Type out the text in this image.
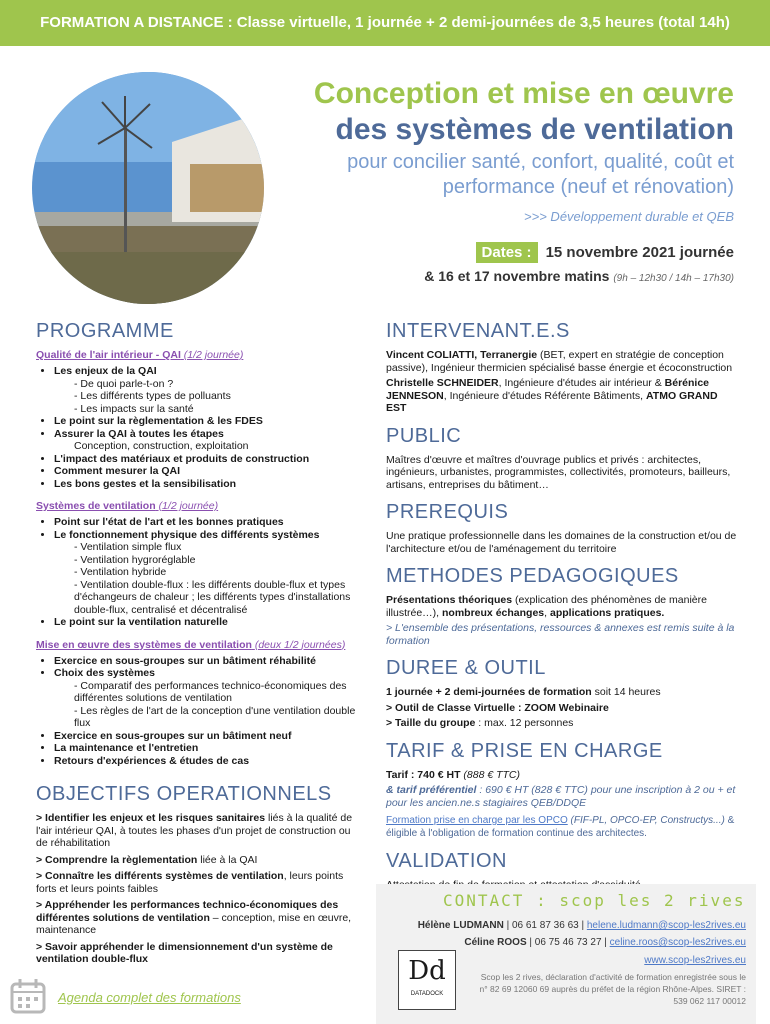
FORMATION A DISTANCE : Classe virtuelle, 1 journée + 2 demi-journées de 3,5 heures (total 14h)
Conception et mise en œuvre
des systèmes de ventilation
pour concilier santé, confort, qualité, coût et performance (neuf et rénovation)
>>> Développement durable et QEB
Dates : 15 novembre 2021 journée
& 16 et 17 novembre matins (9h – 12h30 / 14h – 17h30)
PROGRAMME
Qualité de l'air intérieur - QAI (1/2 journée)
• Les enjeux de la QAI
- De quoi parle-t-on ?
- Les différents types de polluants
- Les impacts sur la santé
• Le point sur la règlementation & les FDES
• Assurer la QAI à toutes les étapes
Conception, construction, exploitation
• L'impact des matériaux et produits de construction
• Comment mesurer la QAI
• Les bons gestes et la sensibilisation
Systèmes de ventilation (1/2 journée)
• Point sur l'état de l'art et les bonnes pratiques
• Le fonctionnement physique des différents systèmes
- Ventilation simple flux
- Ventilation hygroréglable
- Ventilation hybride
- Ventilation double-flux : les différents double-flux et types d'échangeurs de chaleur ; les différents types d'installations double-flux, centralisé et décentralisé
• Le point sur la ventilation naturelle
Mise en œuvre des systèmes de ventilation (deux 1/2 journées)
• Exercice en sous-groupes sur un bâtiment réhabilité
• Choix des systèmes
- Comparatif des performances technico-économiques des différentes solutions de ventilation
- Les règles de l'art de la conception d'une ventilation double flux
• Exercice en sous-groupes sur un bâtiment neuf
• La maintenance et l'entretien
• Retours d'expériences & études de cas
OBJECTIFS OPERATIONNELS
> Identifier les enjeux et les risques sanitaires liés à la qualité de l'air intérieur QAI, à toutes les phases d'un projet de construction ou de réhabilitation
> Comprendre la règlementation liée à la QAI
> Connaître les différents systèmes de ventilation, leurs points forts et leurs points faibles
> Appréhender les performances technico-économiques des différentes solutions de ventilation – conception, mise en œuvre, maintenance
> Savoir appréhender le dimensionnement d'un système de ventilation double-flux
INTERVENANT.E.S
Vincent COLIATTI, Terranergie (BET, expert en stratégie de conception passive), Ingénieur thermicien spécialisé basse énergie et écoconstruction
Christelle SCHNEIDER, Ingénieure d'études air intérieur & Bérénice JENNESON, Ingénieure d'études Référente Bâtiments, ATMO GRAND EST
PUBLIC
Maîtres d'œuvre et maîtres d'ouvrage publics et privés : architectes, ingénieurs, urbanistes, programmistes, collectivités, promoteurs, bailleurs, artisans, entreprises du bâtiment…
PREREQUIS
Une pratique professionnelle dans les domaines de la construction et/ou de l'architecture et/ou de l'aménagement du territoire
METHODES PEDAGOGIQUES
Présentations théoriques (explication des phénomènes de manière illustrée…), nombreux échanges, applications pratiques.
> L'ensemble des présentations, ressources & annexes est remis suite à la formation
DUREE & OUTIL
1 journée + 2 demi-journées de formation soit 14 heures
> Outil de Classe Virtuelle : ZOOM Webinaire
> Taille du groupe : max. 12 personnes
TARIF & PRISE EN CHARGE
Tarif : 740 € HT (888 € TTC)
& tarif préférentiel : 690 € HT (828 € TTC) pour une inscription à 2 ou + et pour les ancien.ne.s stagiaires QEB/DDQE
Formation prise en charge par les OPCO (FIF-PL, OPCO-EP, Constructys...) & éligible à l'obligation de formation continue des architectes.
VALIDATION
CONTACT : scop les 2 rives
Hélène LUDMANN | 06 61 87 36 63 | helene.ludmann@scop-les2rives.eu
Céline ROOS | 06 75 46 73 27 | celine.roos@scop-les2rives.eu
www.scop-les2rives.eu
Dd
DATADOCK
Scop les 2 rives, déclaration d'activité de formation enregistrée sous le n° 82 69 12060 69 auprès du préfet de la région Rhône-Alpes. SIRET : 539 062 117 00012
Agenda complet des formations
